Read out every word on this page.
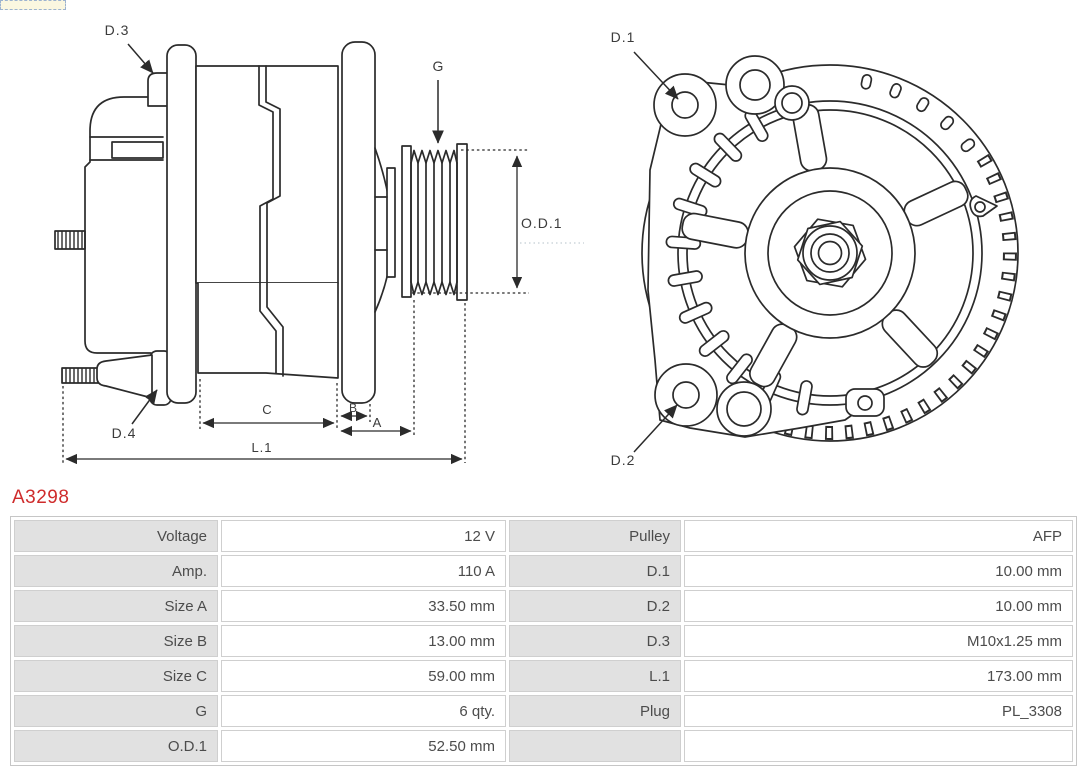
D.3
G
O.D.1
D.4
C	B
A
L.1
D.1
D.2
A3298
Voltage	12 V	Pulley	AFP
Amp.	110 A	D.1	10.00 mm
Size A	33.50 mm	D.2	10.00 mm
Size B	13.00 mm	D.3	M10x1.25 mm
Size C	59.00 mm	L.1	173.00 mm
G	6 qty.	Plug	PL_3308
O.D.1	52.50 mm		
